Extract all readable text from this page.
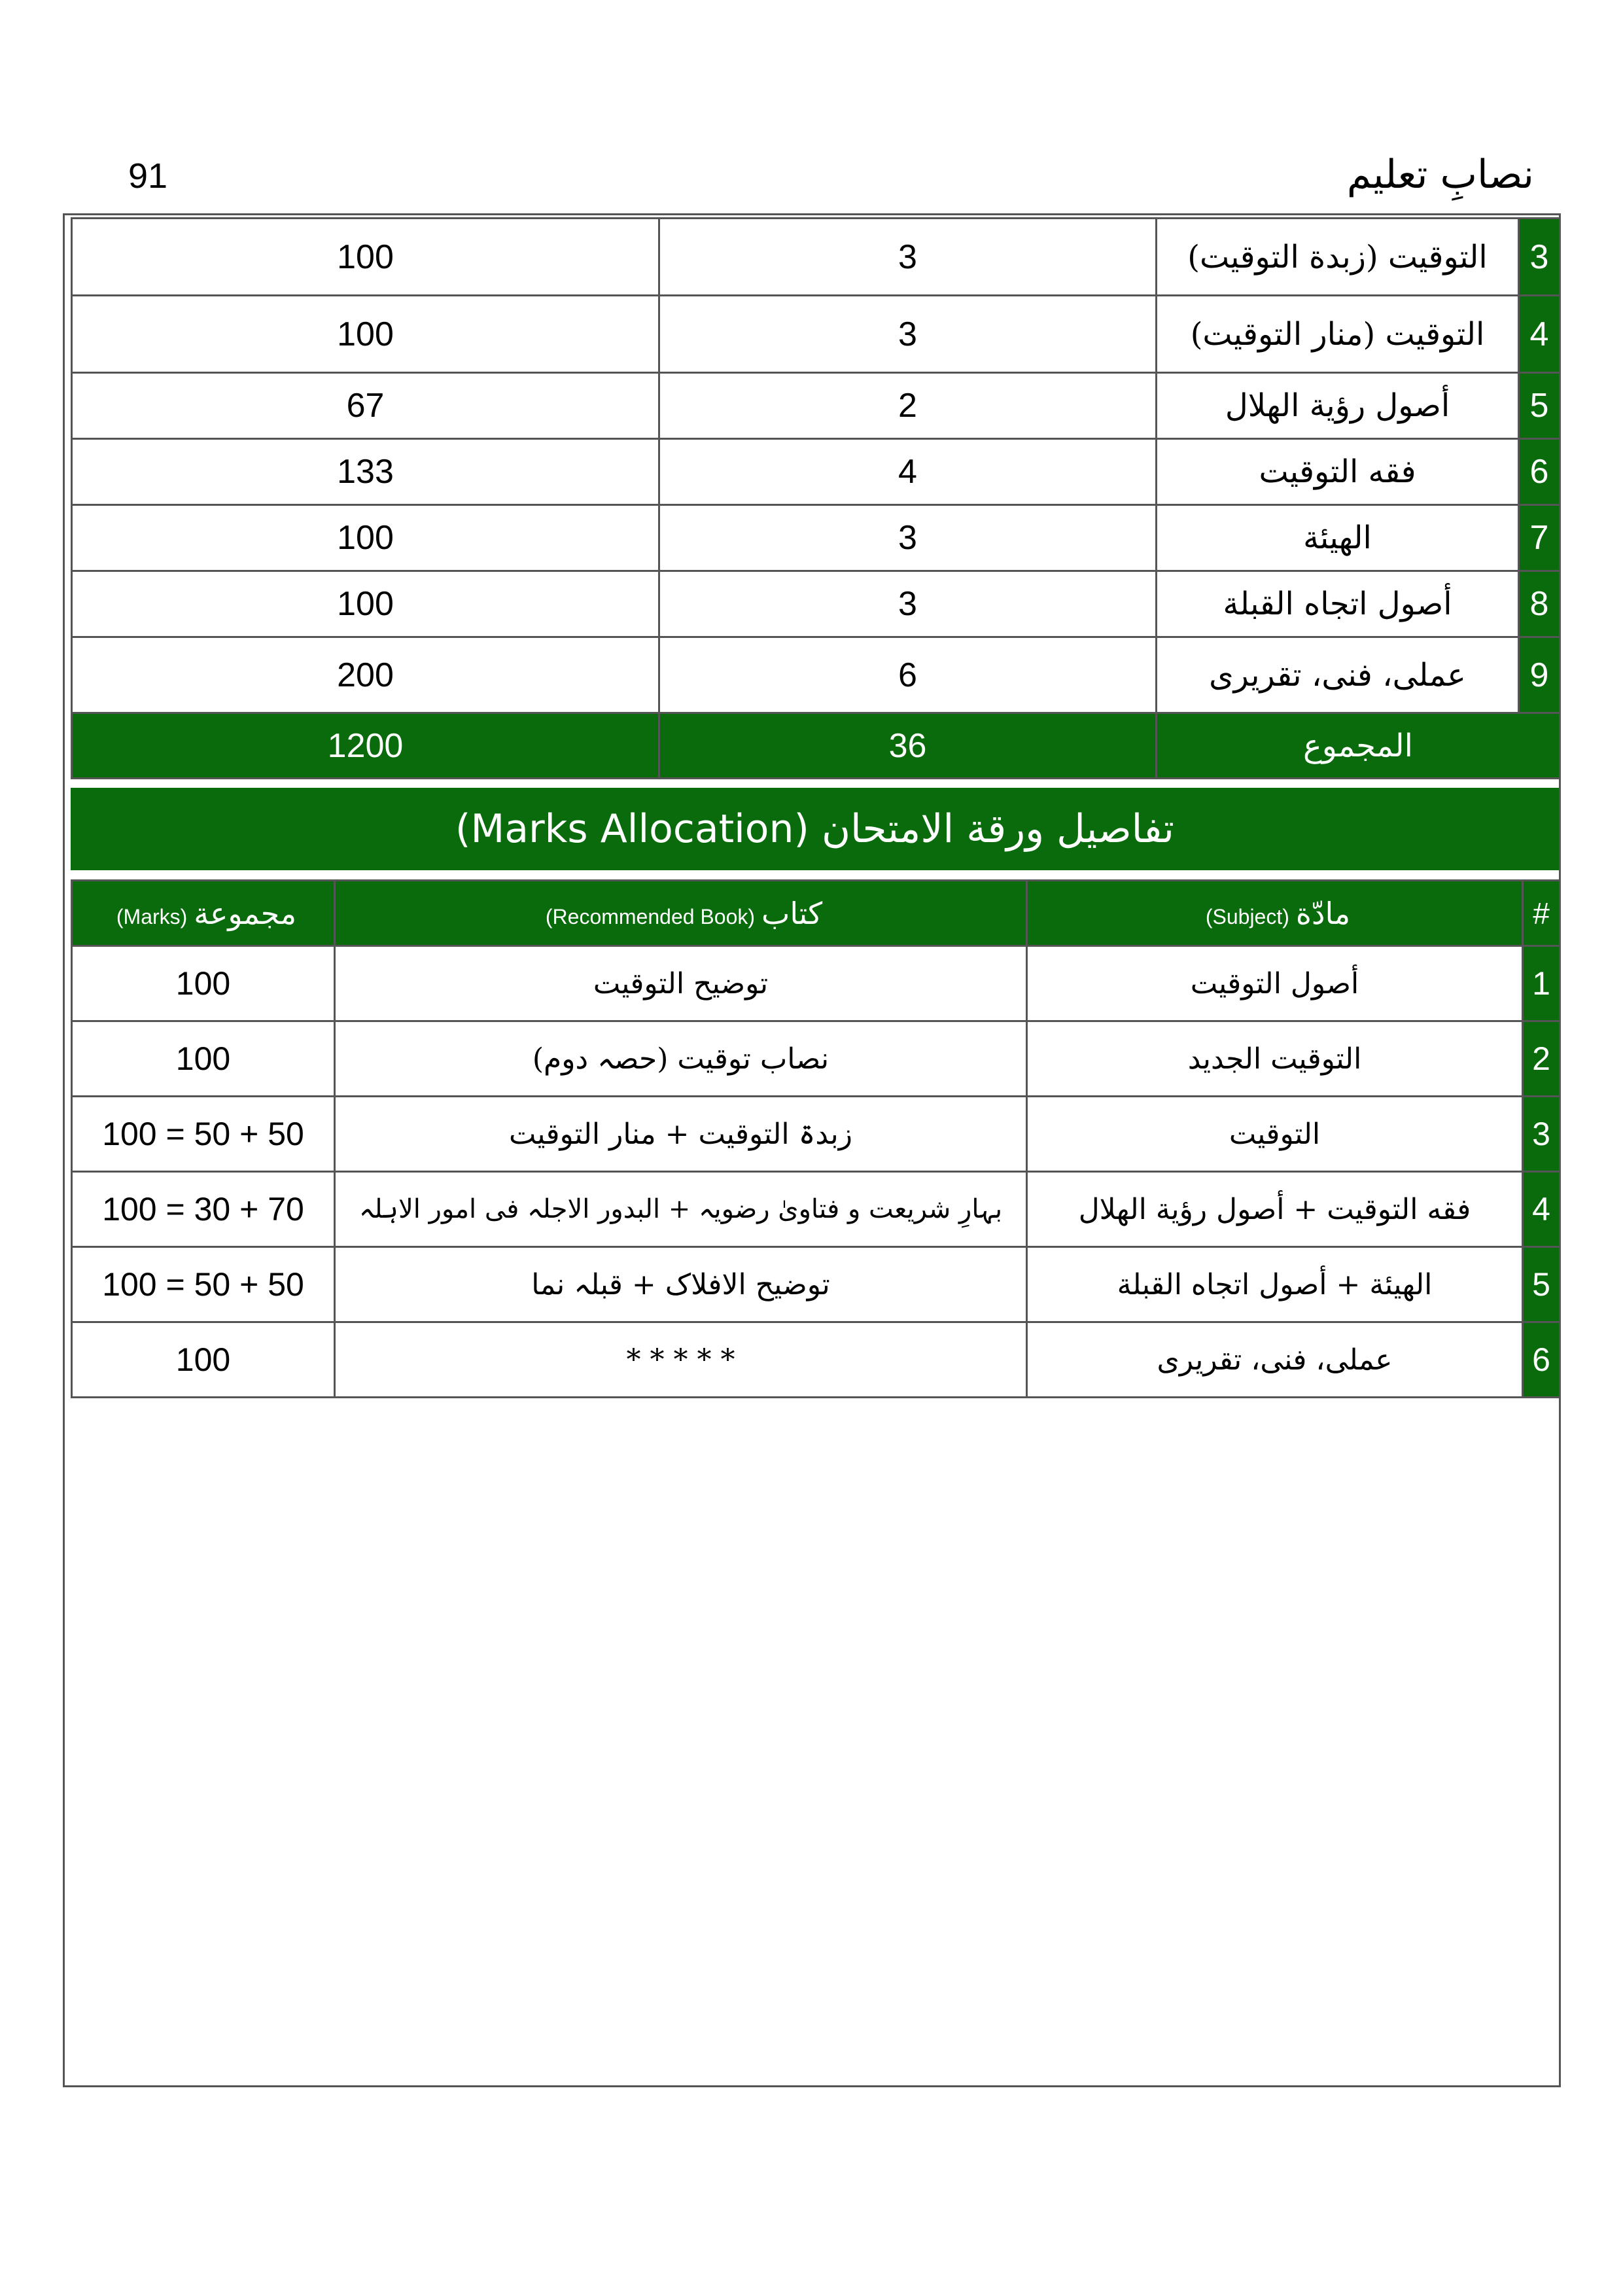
91	نصابِ تعلیم
100	3	التوقيت (زبدة التوقيت)	3
100	3	التوقيت (منار التوقيت)	4
67	2	أصول رؤية الهلال	5
133	4	فقه التوقيت	6
100	3	الهيئة	7
100	3	أصول اتجاه القبلة	8
200	6	عملی، فنی، تقریری	9
1200	36	المجموع	
تفاصيل ورقة الامتحان (Marks Allocation)
مجموعة(Marks)	كتاب(Recommended Book)	مادّة(Subject)	#
100	توضيح التوقيت	أصول التوقيت	1
100	نصاب توقیت (حصہ دوم)	التوقيت الجديد	2
100 = 50 + 50	زبدۃ التوقیت + منار التوقیت	التوقيت	3
100 = 30 + 70	بہارِ شریعت و فتاویٰ رضویہ + البدور الاجلہ فی امور الاہلہ	فقه التوقيت + أصول رؤية الهلال	4
100 = 50 + 50	توضیح الافلاک + قبلہ نما	الهيئة + أصول اتجاه القبلة	5
100	* * * * *	عملی، فنی، تقریری	6
